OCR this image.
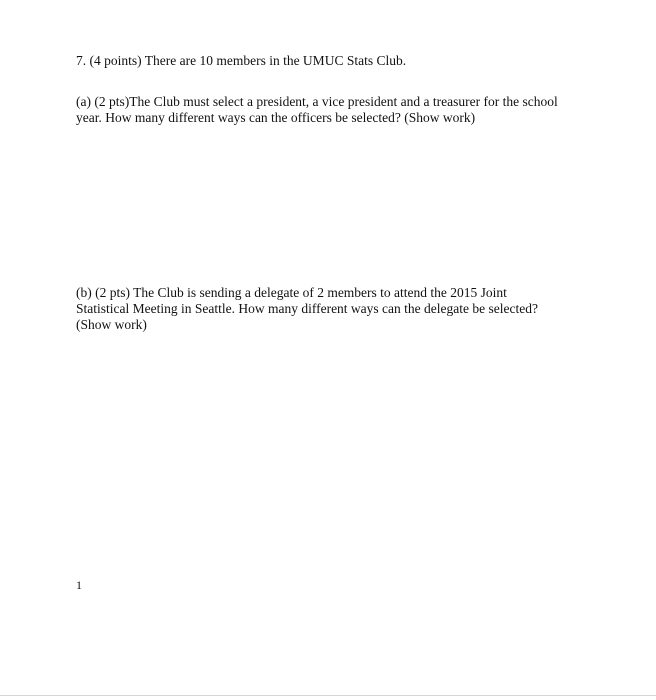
7. (4 points) There are 10 members in the UMUC Stats Club.
(a) (2 pts)The Club must select a president, a vice president and a treasurer for the school
year. How many different ways can the officers be selected? (Show work)
(b) (2 pts) The Club is sending a delegate of 2 members to attend the 2015 Joint
Statistical Meeting in Seattle. How many different ways can the delegate be selected?
(Show work)
1
